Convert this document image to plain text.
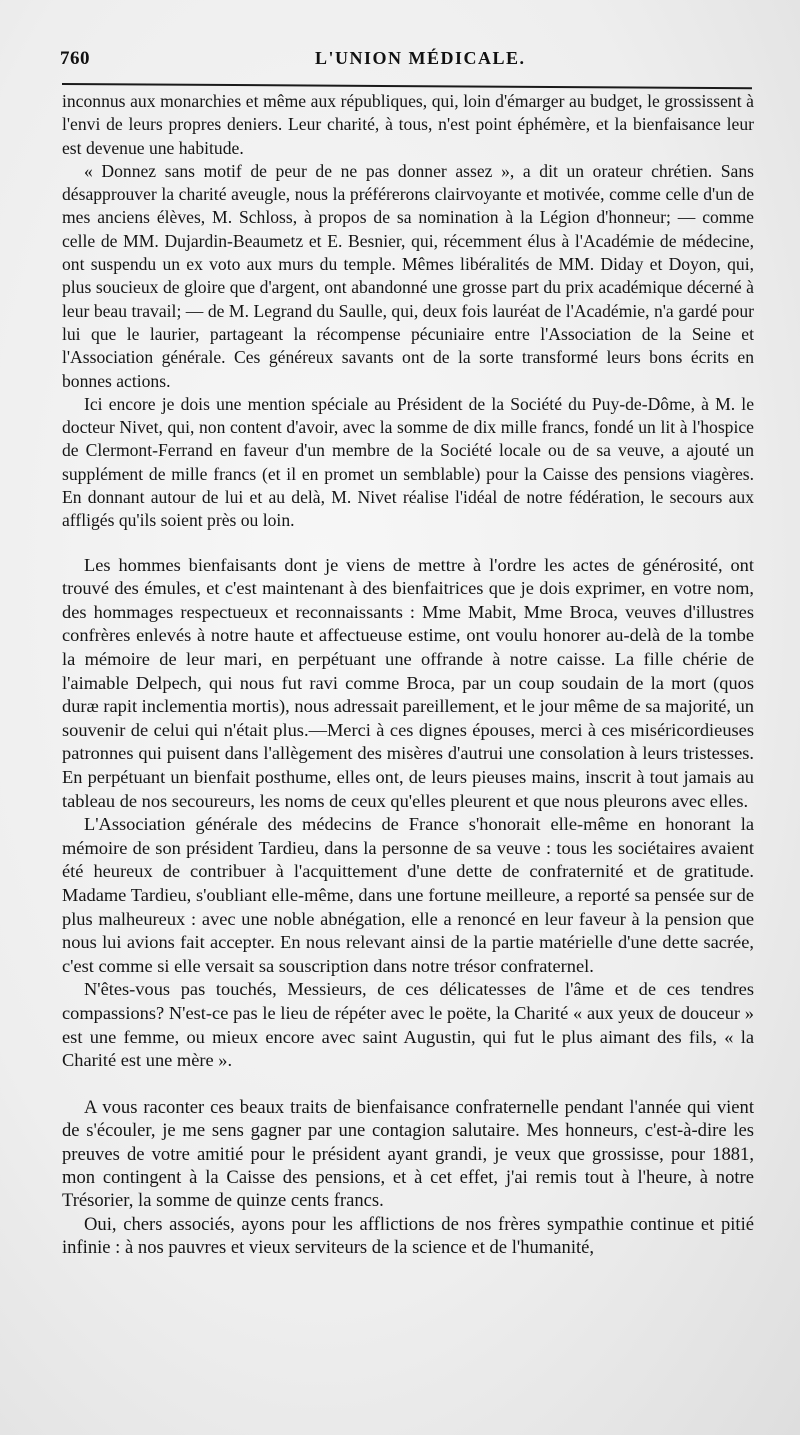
760	L'UNION MÉDICALE.

inconnus aux monarchies et même aux républiques, qui, loin d'émarger au budget, le grossissent à l'envi de leurs propres deniers. Leur charité, à tous, n'est point éphémère, et la bienfaisance leur est devenue une habitude.

« Donnez sans motif de peur de ne pas donner assez », a dit un orateur chrétien. Sans désapprouver la charité aveugle, nous la préférerons clairvoyante et motivée, comme celle d'un de mes anciens élèves, M. Schloss, à propos de sa nomination à la Légion d'honneur; — comme celle de MM. Dujardin-Beaumetz et E. Besnier, qui, récemment élus à l'Académie de médecine, ont suspendu un ex voto aux murs du temple. Mêmes libéralités de MM. Diday et Doyon, qui, plus soucieux de gloire que d'argent, ont abandonné une grosse part du prix académique décerné à leur beau travail; — de M. Legrand du Saulle, qui, deux fois lauréat de l'Académie, n'a gardé pour lui que le laurier, partageant la récompense pécuniaire entre l'Association de la Seine et l'Association générale. Ces généreux savants ont de la sorte transformé leurs bons écrits en bonnes actions.

Ici encore je dois une mention spéciale au Président de la Société du Puy-de-Dôme, à M. le docteur Nivet, qui, non content d'avoir, avec la somme de dix mille francs, fondé un lit à l'hospice de Clermont-Ferrand en faveur d'un membre de la Société locale ou de sa veuve, a ajouté un supplément de mille francs (et il en promet un semblable) pour la Caisse des pensions viagères. En donnant autour de lui et au delà, M. Nivet réalise l'idéal de notre fédération, le secours aux affligés qu'ils soient près ou loin.

Les hommes bienfaisants dont je viens de mettre à l'ordre les actes de générosité, ont trouvé des émules, et c'est maintenant à des bienfaitrices que je dois exprimer, en votre nom, des hommages respectueux et reconnaissants : Mme Mabit, Mme Broca, veuves d'illustres confrères enlevés à notre haute et affectueuse estime, ont voulu honorer au-delà de la tombe la mémoire de leur mari, en perpétuant une offrande à notre caisse. La fille chérie de l'aimable Delpech, qui nous fut ravi comme Broca, par un coup soudain de la mort (quos duræ rapit inclementia mortis), nous adressait pareillement, et le jour même de sa majorité, un souvenir de celui qui n'était plus.—Merci à ces dignes épouses, merci à ces miséricordieuses patronnes qui puisent dans l'allègement des misères d'autrui une consolation à leurs tristesses. En perpétuant un bienfait posthume, elles ont, de leurs pieuses mains, inscrit à tout jamais au tableau de nos secoureurs, les noms de ceux qu'elles pleurent et que nous pleurons avec elles.

L'Association générale des médecins de France s'honorait elle-même en honorant la mémoire de son président Tardieu, dans la personne de sa veuve : tous les sociétaires avaient été heureux de contribuer à l'acquittement d'une dette de confraternité et de gratitude. Madame Tardieu, s'oubliant elle-même, dans une fortune meilleure, a reporté sa pensée sur de plus malheureux : avec une noble abnégation, elle a renoncé en leur faveur à la pension que nous lui avions fait accepter. En nous relevant ainsi de la partie matérielle d'une dette sacrée, c'est comme si elle versait sa souscription dans notre trésor confraternel.

N'êtes-vous pas touchés, Messieurs, de ces délicatesses de l'âme et de ces tendres compassions? N'est-ce pas le lieu de répéter avec le poëte, la Charité « aux yeux de douceur » est une femme, ou mieux encore avec saint Augustin, qui fut le plus aimant des fils, « la Charité est une mère ».

A vous raconter ces beaux traits de bienfaisance confraternelle pendant l'année qui vient de s'écouler, je me sens gagner par une contagion salutaire. Mes honneurs, c'est-à-dire les preuves de votre amitié pour le président ayant grandi, je veux que grossisse, pour 1881, mon contingent à la Caisse des pensions, et à cet effet, j'ai remis tout à l'heure, à notre Trésorier, la somme de quinze cents francs.

Oui, chers associés, ayons pour les afflictions de nos frères sympathie continue et pitié infinie : à nos pauvres et vieux serviteurs de la science et de l'humanité,
